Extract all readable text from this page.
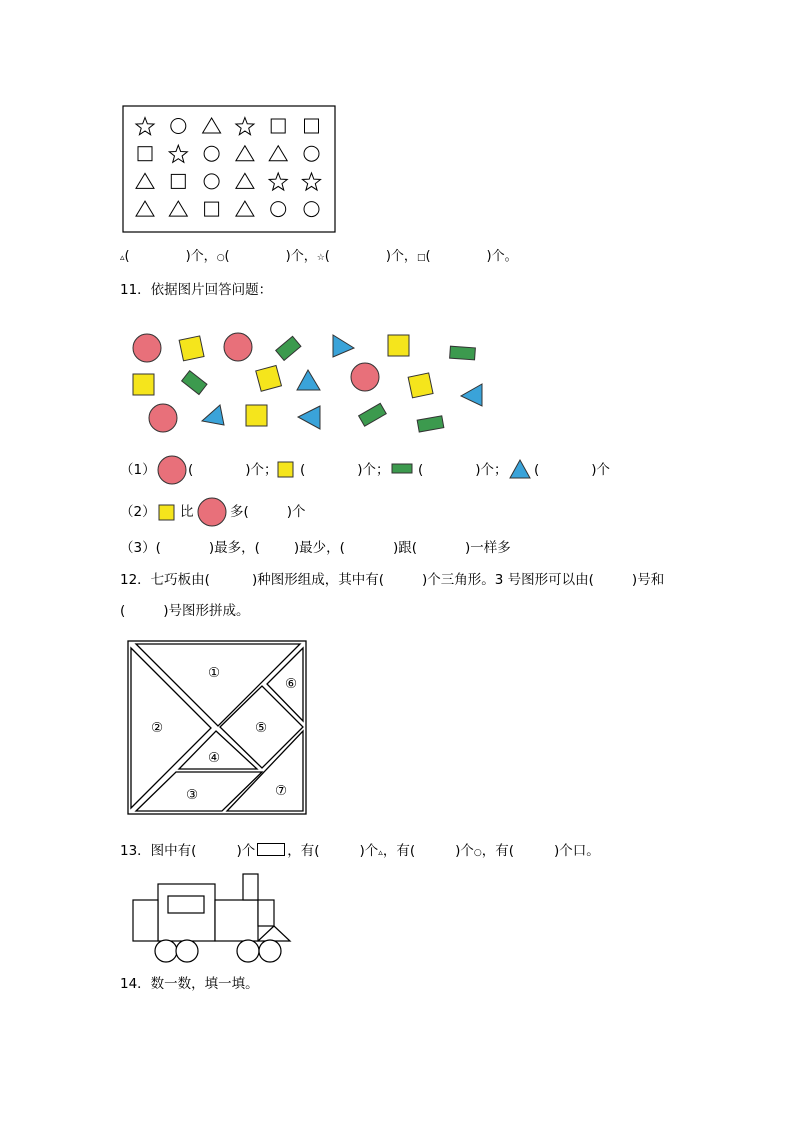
▵(	)个，○(	)个，☆(	)个，□(	)个。
11．依据图片回答问题：
（1） (	)个； (	)个； (	)个； (	)个
（2） 比	多(	)个
（3）(	)最多，(	)最少，(	)跟(	)一样多
12．七巧板由(	)种图形组成，其中有(	)个三角形。3 号图形可以由(	)号和
(	)号图形拼成。
①
②
③
④
⑤
⑥
⑦
13．图中有(	)个 ，有(	)个▵，有(	)个○，有(	)个口。
14．数一数，填一填。
